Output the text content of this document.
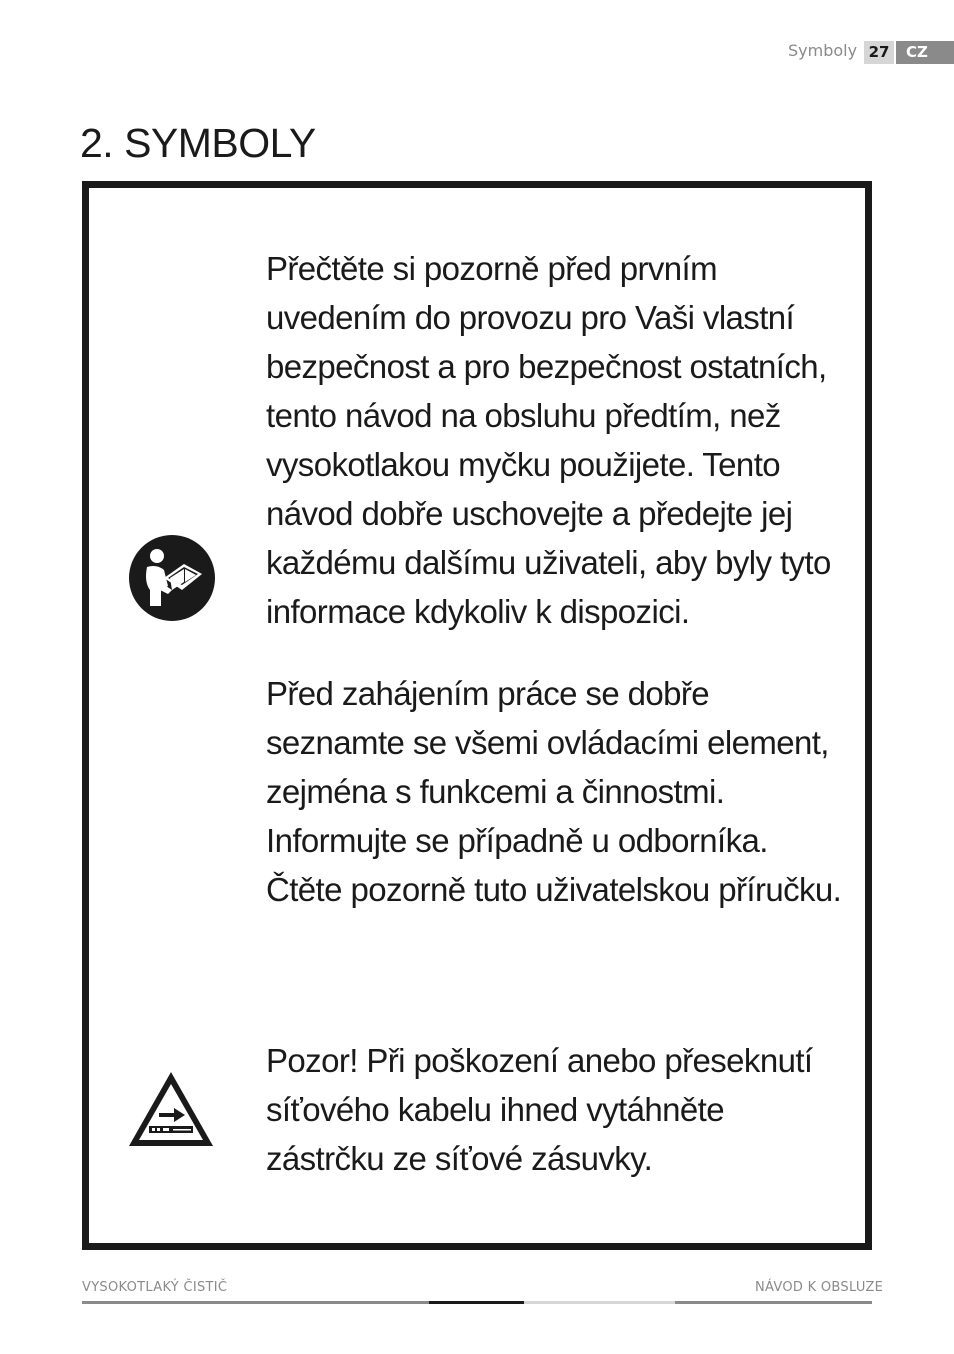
Symboly 27	CZ
2. SYMBOLY
Přečtěte si pozorně před prvním
uvedením do provozu pro Vaši vlastní
bezpečnost a pro bezpečnost ostatních,
tento návod na obsluhu předtím, než
vysokotlakou myčku použijete. Tento
návod dobře uschovejte a předejte jej
každému dalšímu uživateli, aby byly tyto
informace kdykoliv k dispozici.
Před zahájením práce se dobře
seznamte se všemi ovládacími element,
zejména s funkcemi a činnostmi.
Informujte se případně u odborníka.
Čtěte pozorně tuto uživatelskou příručku.
Pozor! Při poškození anebo přeseknutí
síťového kabelu ihned vytáhněte
zástrčku ze síťové zásuvky.
VYSOKOTLAKÝ ČISTIČ	NÁVOD K OBSLUZE
